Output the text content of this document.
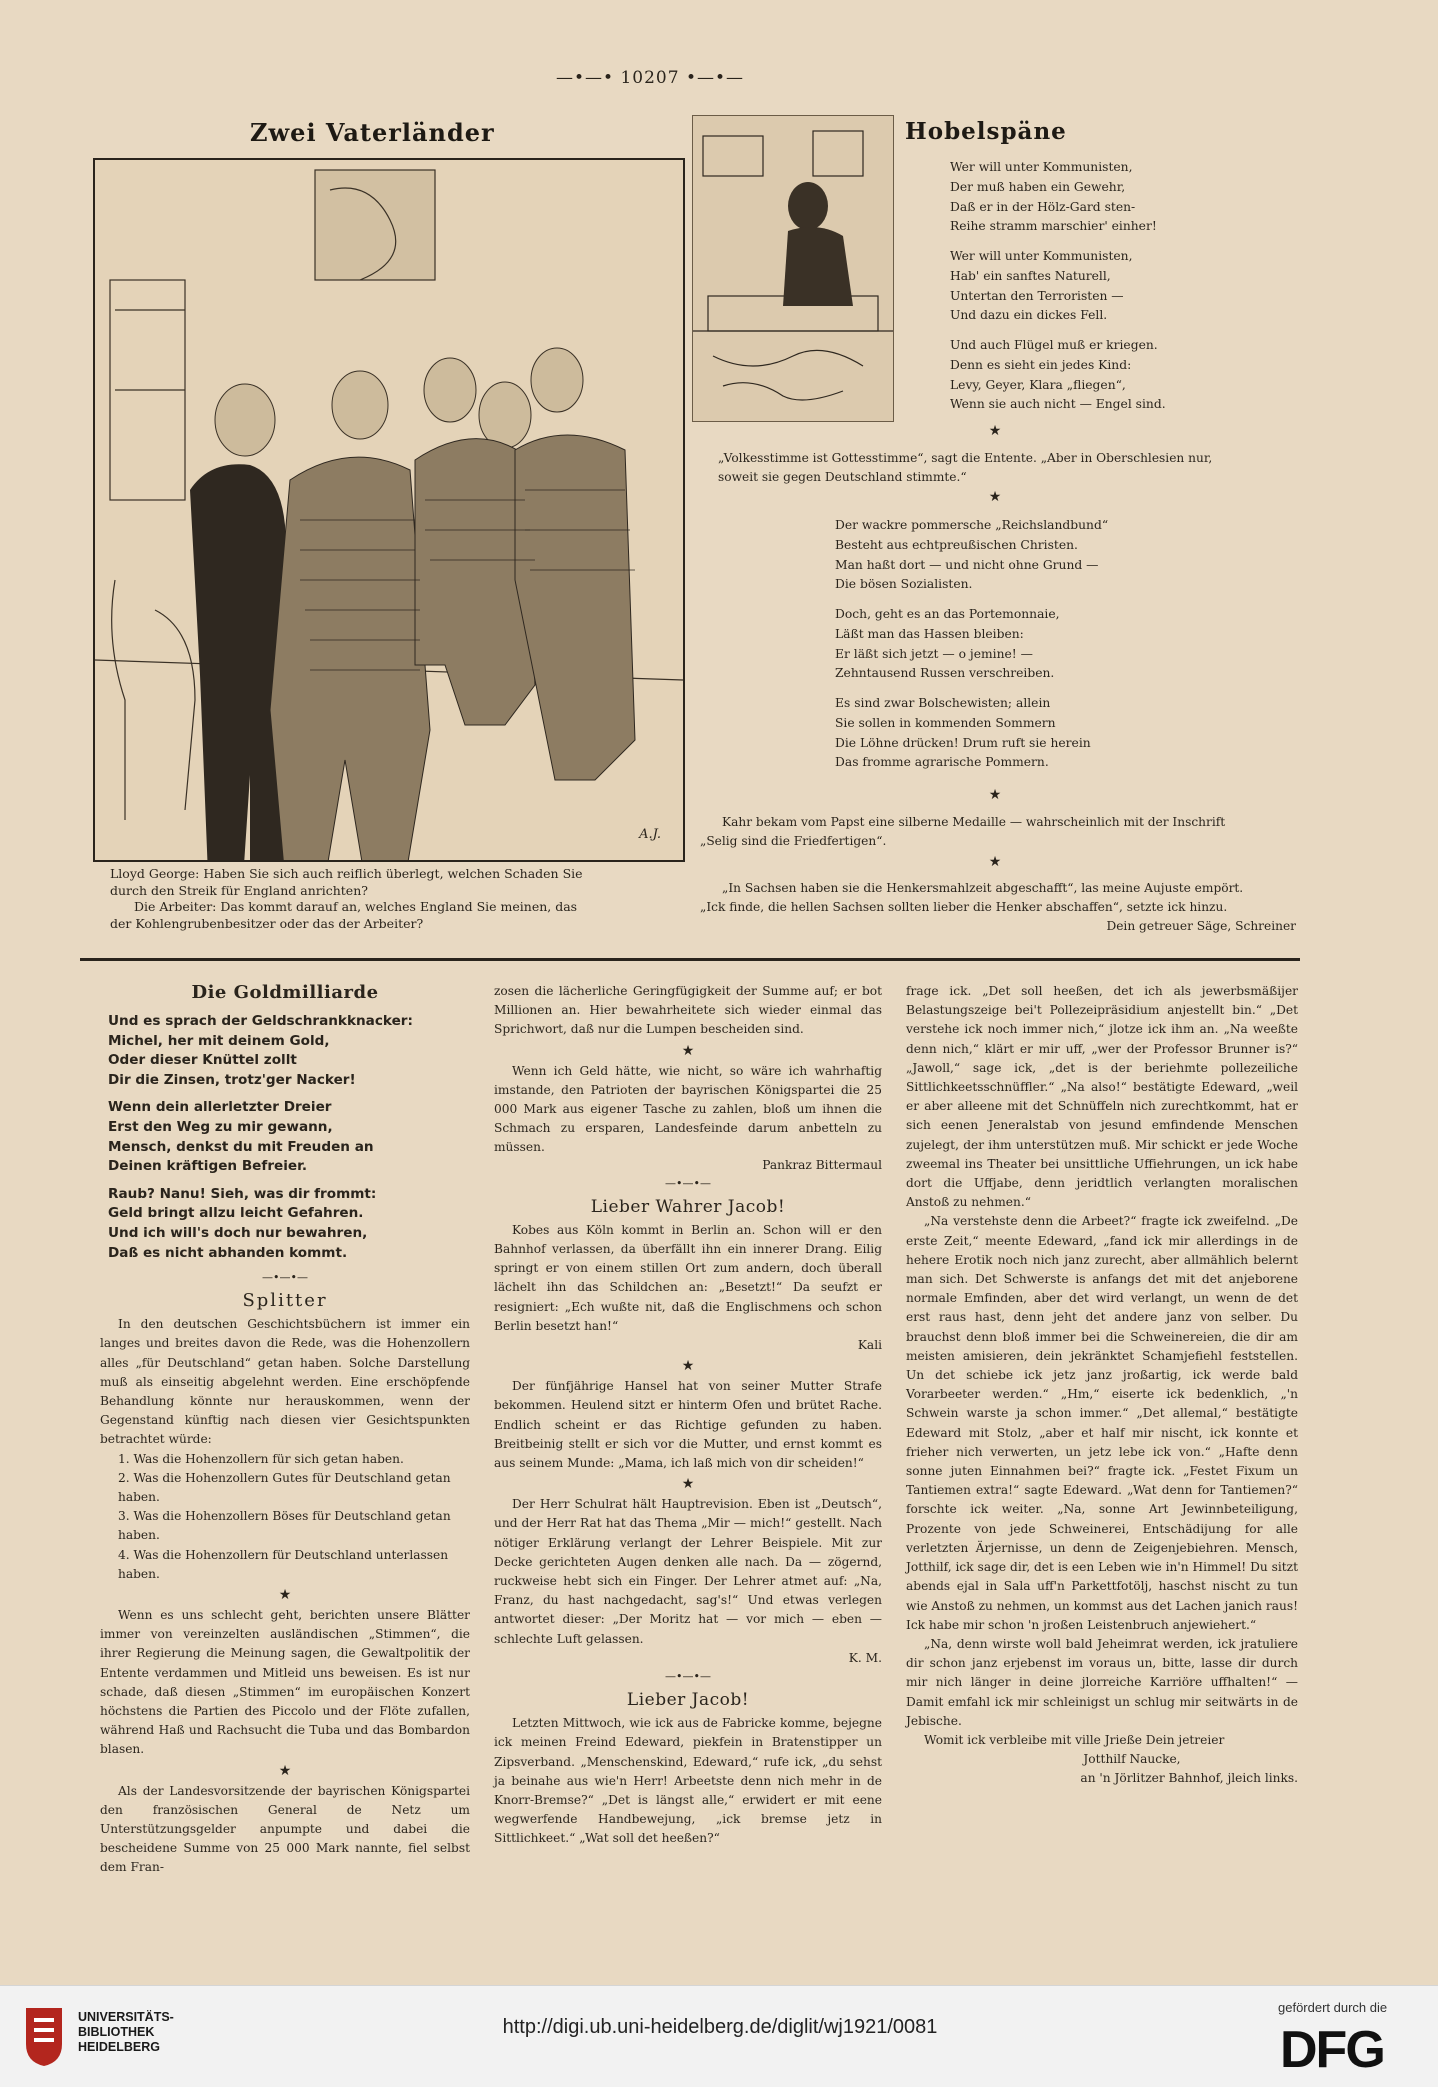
—•—• 10207 •—•—
Zwei Vaterländer
A.J.
Lloyd George: Haben Sie sich auch reiflich überlegt, welchen Schaden Sie
durch den Streik für England anrichten?
Die Arbeiter: Das kommt darauf an, welches England Sie meinen, das
der Kohlengrubenbesitzer oder das der Arbeiter?
Hobelspäne
Wer will unter Kommunisten,
Der muß haben ein Gewehr,
Daß er in der Hölz-Gard sten-
Reihe stramm marschier' einher!
Wer will unter Kommunisten,
Hab' ein sanftes Naturell,
Untertan den Terroristen —
Und dazu ein dickes Fell.
Und auch Flügel muß er kriegen.
Denn es sieht ein jedes Kind:
Levy, Geyer, Klara „fliegen“,
Wenn sie auch nicht — Engel sind.
★
„Volkesstimme ist Gottesstimme“, sagt die Entente. „Aber in Oberschlesien nur,
soweit sie gegen Deutschland stimmte.“
★
Der wackre pommersche „Reichslandbund“
Besteht aus echtpreußischen Christen.
Man haßt dort — und nicht ohne Grund —
Die bösen Sozialisten.
Doch, geht es an das Portemonnaie,
Läßt man das Hassen bleiben:
Er läßt sich jetzt — o jemine! —
Zehntausend Russen verschreiben.
Es sind zwar Bolschewisten; allein
Sie sollen in kommenden Sommern
Die Löhne drücken! Drum ruft sie herein
Das fromme agrarische Pommern.
★
Kahr bekam vom Papst eine silberne Medaille — wahrscheinlich mit der Inschrift
„Selig sind die Friedfertigen“.
★
„In Sachsen haben sie die Henkersmahlzeit abgeschafft“, las meine Aujuste empört.
„Ick finde, die hellen Sachsen sollten lieber die Henker abschaffen“, setzte ick hinzu.
Dein getreuer Säge, Schreiner
Die Goldmilliarde
Und es sprach der Geldschrankknacker:
Michel, her mit deinem Gold,
Oder dieser Knüttel zollt
Dir die Zinsen, trotz'ger Nacker!
Wenn dein allerletzter Dreier
Erst den Weg zu mir gewann,
Mensch, denkst du mit Freuden an
Deinen kräftigen Befreier.
Raub? Nanu! Sieh, was dir frommt:
Geld bringt allzu leicht Gefahren.
Und ich will's doch nur bewahren,
Daß es nicht abhanden kommt.
—•—•—
Splitter

In den deutschen Geschichtsbüchern ist immer ein langes und breites davon die Rede, was die Hohenzollern alles „für Deutschland“ getan haben. Solche Darstellung muß als einseitig abgelehnt werden. Eine erschöpfende Behandlung könnte nur herauskommen, wenn der Gegenstand künftig nach diesen vier Gesichtspunkten betrachtet würde:

1. Was die Hohenzollern für sich getan haben.
2. Was die Hohenzollern Gutes für Deutschland getan haben.
3. Was die Hohenzollern Böses für Deutschland getan haben.
4. Was die Hohenzollern für Deutschland unterlassen haben.
★

Wenn es uns schlecht geht, berichten unsere Blätter immer von vereinzelten ausländischen „Stimmen“, die ihrer Regierung die Meinung sagen, die Gewaltpolitik der Entente verdammen und Mitleid uns beweisen. Es ist nur schade, daß diesen „Stimmen“ im europäischen Konzert höchstens die Partien des Piccolo und der Flöte zufallen, während Haß und Rachsucht die Tuba und das Bombardon blasen.

★

Als der Landesvorsitzende der bayrischen Königspartei den französischen General de Netz um Unterstützungsgelder anpumpte und dabei die bescheidene Summe von 25 000 Mark nannte, fiel selbst dem Fran-

zosen die lächerliche Geringfügigkeit der Summe auf; er bot Millionen an. Hier bewahrheitete sich wieder einmal das Sprichwort, daß nur die Lumpen bescheiden sind.

★

Wenn ich Geld hätte, wie nicht, so wäre ich wahrhaftig imstande, den Patrioten der bayrischen Königspartei die 25 000 Mark aus eigener Tasche zu zahlen, bloß um ihnen die Schmach zu ersparen, Landesfeinde darum anbetteln zu müssen.

Pankraz Bittermaul
—•—•—
Lieber Wahrer Jacob!

Kobes aus Köln kommt in Berlin an. Schon will er den Bahnhof verlassen, da überfällt ihn ein innerer Drang. Eilig springt er von einem stillen Ort zum andern, doch überall lächelt ihn das Schildchen an: „Besetzt!“ Da seufzt er resigniert: „Ech wußte nit, daß die Englischmens och schon Berlin besetzt han!“

Kali
★

Der fünfjährige Hansel hat von seiner Mutter Strafe bekommen. Heulend sitzt er hinterm Ofen und brütet Rache. Endlich scheint er das Richtige gefunden zu haben. Breitbeinig stellt er sich vor die Mutter, und ernst kommt es aus seinem Munde: „Mama, ich laß mich von dir scheiden!“

★

Der Herr Schulrat hält Hauptrevision. Eben ist „Deutsch“, und der Herr Rat hat das Thema „Mir — mich!“ gestellt. Nach nötiger Erklärung verlangt der Lehrer Beispiele. Mit zur Decke gerichteten Augen denken alle nach. Da — zögernd, ruckweise hebt sich ein Finger. Der Lehrer atmet auf: „Na, Franz, du hast nachgedacht, sag's!“ Und etwas verlegen antwortet dieser: „Der Moritz hat — vor mich — eben — schlechte Luft gelassen.

K. M.
—•—•—
Lieber Jacob!

Letzten Mittwoch, wie ick aus de Fabricke komme, bejegne ick meinen Freind Edeward, piekfein in Bratenstipper un Zipsverband. „Menschenskind, Edeward,“ rufe ick, „du sehst ja beinahe aus wie'n Herr! Arbeetste denn nich mehr in de Knorr-Bremse?“ „Det is längst alle,“ erwidert er mit eene wegwerfende Handbewejung, „ick bremse jetz in Sittlichkeet.“ „Wat soll det heeßen?“

frage ick. „Det soll heeßen, det ich als jewerbsmäßijer Belastungszeige bei't Pollezeipräsidium anjestellt bin.“ „Det verstehe ick noch immer nich,“ jlotze ick ihm an. „Na weeßte denn nich,“ klärt er mir uff, „wer der Professor Brunner is?“ „Jawoll,“ sage ick, „det is der beriehmte pollezeiliche Sittlichkeetsschnüffler.“ „Na also!“ bestätigte Edeward, „weil er aber alleene mit det Schnüffeln nich zurechtkommt, hat er sich eenen Jeneralstab von jesund emfindende Menschen zujelegt, der ihm unterstützen muß. Mir schickt er jede Woche zweemal ins Theater bei unsittliche Uffiehrungen, un ick habe dort die Uffjabe, denn jeridtlich verlangten moralischen Anstoß zu nehmen.“

„Na verstehste denn die Arbeet?“ fragte ick zweifelnd. „De erste Zeit,“ meente Edeward, „fand ick mir allerdings in de hehere Erotik noch nich janz zurecht, aber allmählich belernt man sich. Det Schwerste is anfangs det mit det anjeborene normale Emfinden, aber det wird verlangt, un wenn de det erst raus hast, denn jeht det andere janz von selber. Du brauchst denn bloß immer bei die Schweinereien, die dir am meisten amisieren, dein jekränktet Schamjefiehl feststellen. Un det schiebe ick jetz janz jroßartig, ick werde bald Vorarbeeter werden.“ „Hm,“ eiserte ick bedenklich, „'n Schwein warste ja schon immer.“ „Det allemal,“ bestätigte Edeward mit Stolz, „aber et half mir nischt, ick konnte et frieher nich verwerten, un jetz lebe ick von.“ „Hafte denn sonne juten Einnahmen bei?“ fragte ick. „Festet Fixum un Tantiemen extra!“ sagte Edeward. „Wat denn for Tantiemen?“ forschte ick weiter. „Na, sonne Art Jewinnbeteiligung, Prozente von jede Schweinerei, Entschädijung for alle verletzten Ärjernisse, un denn de Zeigenjebiehren. Mensch, Jotthilf, ick sage dir, det is een Leben wie in'n Himmel! Du sitzt abends ejal in Sala uff'n Parkettfotölj, haschst nischt zu tun wie Anstoß zu nehmen, un kommst aus det Lachen janich raus! Ick habe mir schon 'n jroßen Leistenbruch anjewiehert.“

„Na, denn wirste woll bald Jeheimrat werden, ick jratuliere dir schon janz erjebenst im voraus un, bitte, lasse dir durch mir nich länger in deine jlorreiche Karriöre uffhalten!“ — Damit emfahl ick mir schleinigst un schlug mir seitwärts in de Jebische.

Womit ick verbleibe mit ville Jrieße Dein jetreier

Jotthilf Naucke,
an 'n Jörlitzer Bahnhof, jleich links.
UNIVERSITÄTS-
BIBLIOTHEK
HEIDELBERG
http://digi.ub.uni-heidelberg.de/diglit/wj1921/0081
gefördert durch die
DFG
